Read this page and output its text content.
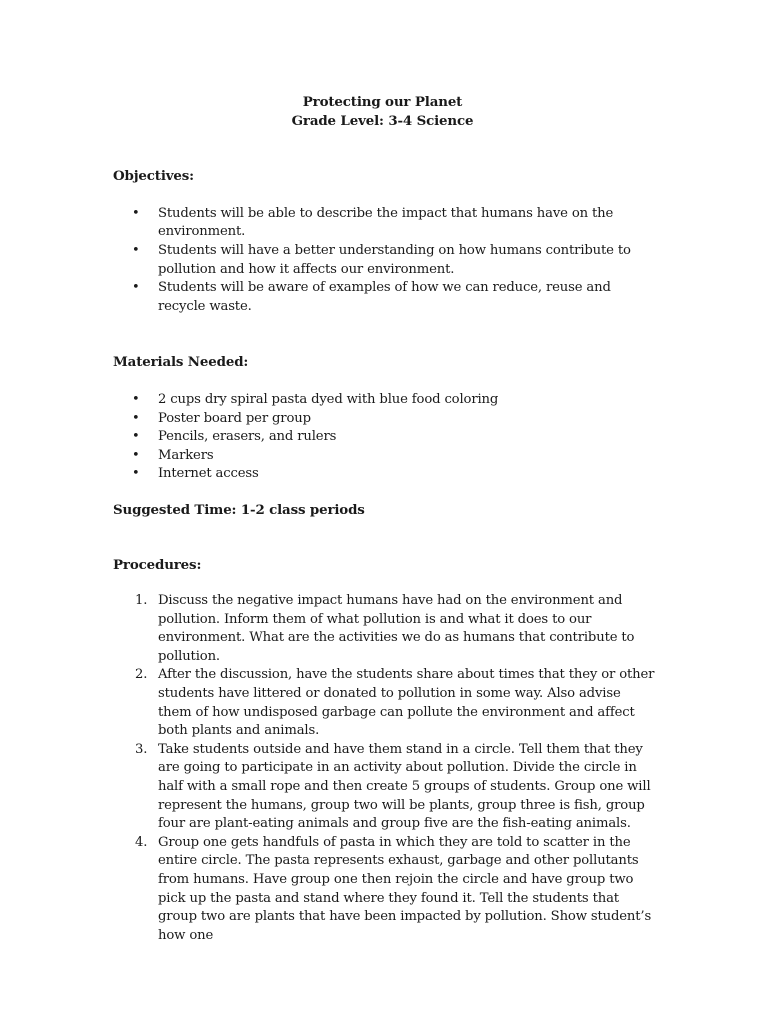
Protecting our Planet
Grade Level: 3-4 Science

Objectives:

• Students will be able to describe the impact that humans have on the environment.
• Students will have a better understanding on how humans contribute to pollution and how it affects our environment.
• Students will be aware of examples of how we can reduce, reuse and recycle waste.

Materials Needed:

• 2 cups dry spiral pasta dyed with blue food coloring
• Poster board per group
• Pencils, erasers, and rulers
• Markers
• Internet access

Suggested Time: 1-2 class periods

Procedures:

1. Discuss the negative impact humans have had on the environment and pollution. Inform them of what pollution is and what it does to our environment. What are the activities we do as humans that contribute to pollution.
2. After the discussion, have the students share about times that they or other students have littered or donated to pollution in some way. Also advise them of how undisposed garbage can pollute the environment and affect both plants and animals.
3. Take students outside and have them stand in a circle. Tell them that they are going to participate in an activity about pollution. Divide the circle in half with a small rope and then create 5 groups of students. Group one will represent the humans, group two will be plants, group three is fish, group four are plant-eating animals and group five are the fish-eating animals.
4. Group one gets handfuls of pasta in which they are told to scatter in the entire circle. The pasta represents exhaust, garbage and other pollutants from humans. Have group one then rejoin the circle and have group two pick up the pasta and stand where they found it. Tell the students that group two are plants that have been impacted by pollution. Show student’s how one
